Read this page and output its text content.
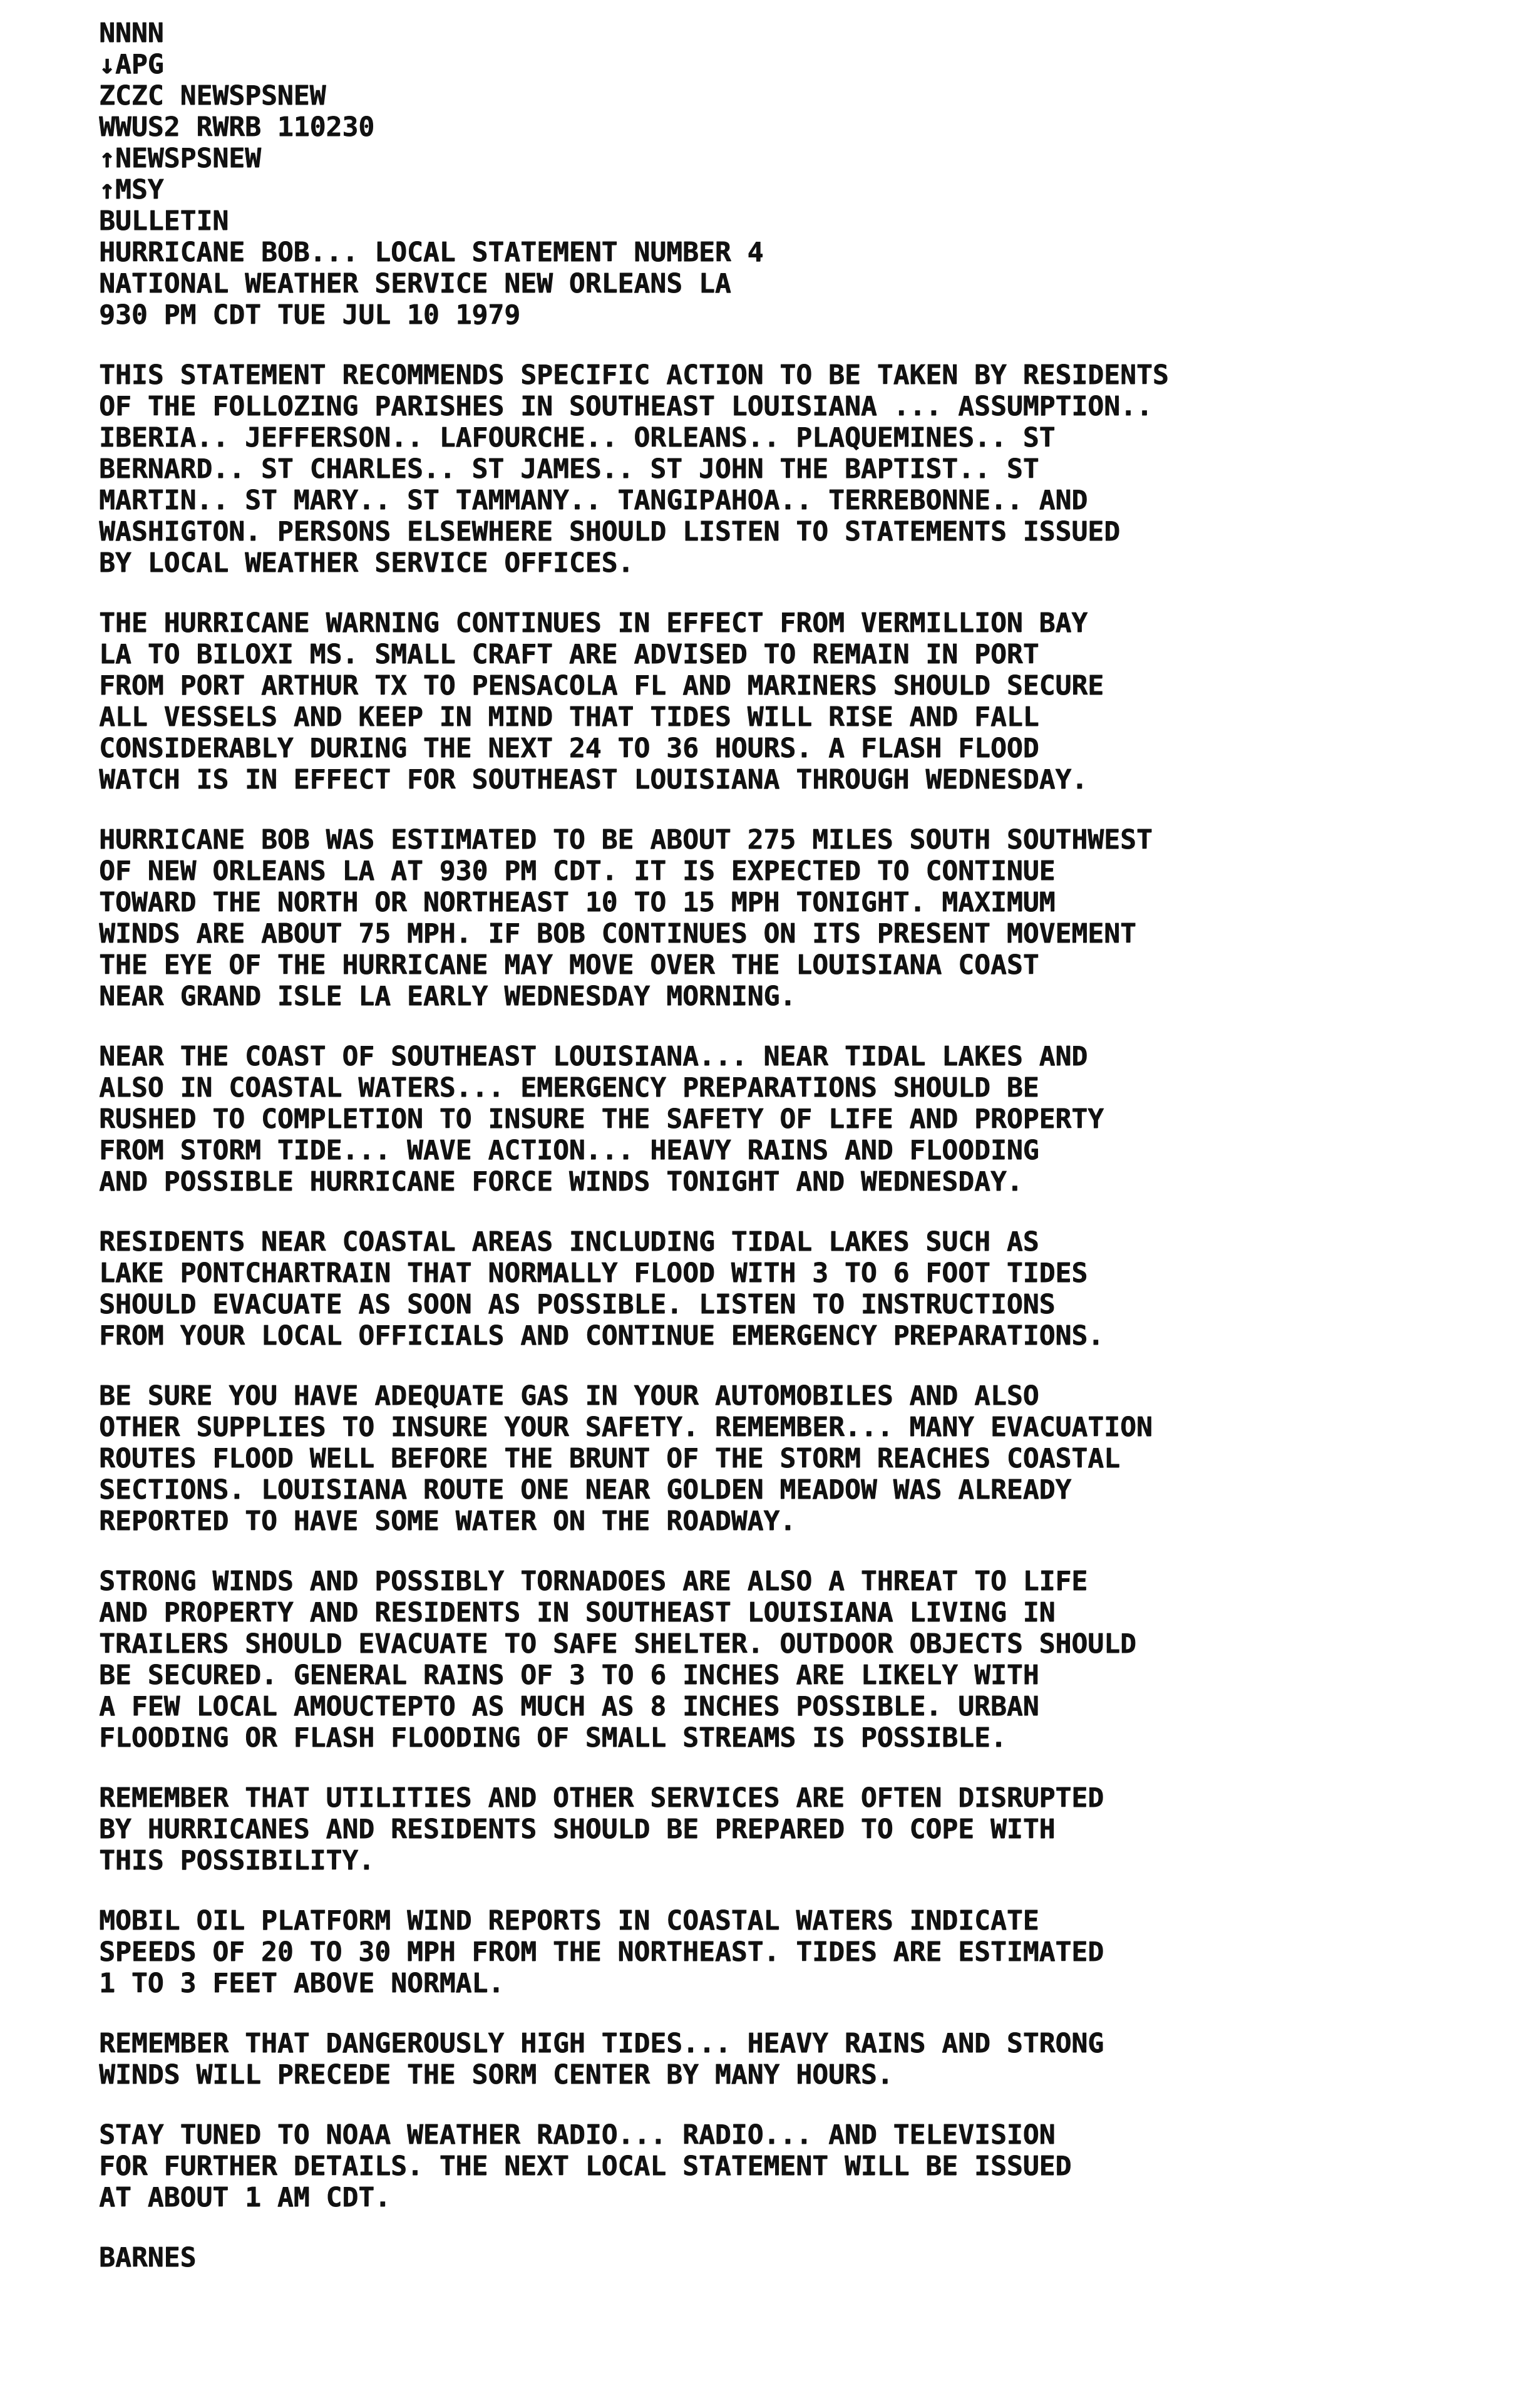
NNNN
↓APG
ZCZC NEWSPSNEW
WWUS2 RWRB 110230
↑NEWSPSNEW
↑MSY
BULLETIN
HURRICANE BOB... LOCAL STATEMENT NUMBER 4
NATIONAL WEATHER SERVICE NEW ORLEANS LA
930 PM CDT TUE JUL 10 1979
THIS STATEMENT RECOMMENDS SPECIFIC ACTION TO BE TAKEN BY RESIDENTS
OF THE FOLLOZING PARISHES IN SOUTHEAST LOUISIANA ... ASSUMPTION..
IBERIA.. JEFFERSON.. LAFOURCHE.. ORLEANS.. PLAQUEMINES.. ST
BERNARD.. ST CHARLES.. ST JAMES.. ST JOHN THE BAPTIST.. ST
MARTIN.. ST MARY.. ST TAMMANY.. TANGIPAHOA.. TERREBONNE.. AND
WASHIGTON. PERSONS ELSEWHERE SHOULD LISTEN TO STATEMENTS ISSUED
BY LOCAL WEATHER SERVICE OFFICES.
THE HURRICANE WARNING CONTINUES IN EFFECT FROM VERMILLION BAY
LA TO BILOXI MS. SMALL CRAFT ARE ADVISED TO REMAIN IN PORT
FROM PORT ARTHUR TX TO PENSACOLA FL AND MARINERS SHOULD SECURE
ALL VESSELS AND KEEP IN MIND THAT TIDES WILL RISE AND FALL
CONSIDERABLY DURING THE NEXT 24 TO 36 HOURS. A FLASH FLOOD
WATCH IS IN EFFECT FOR SOUTHEAST LOUISIANA THROUGH WEDNESDAY.
HURRICANE BOB WAS ESTIMATED TO BE ABOUT 275 MILES SOUTH SOUTHWEST
OF NEW ORLEANS LA AT 930 PM CDT. IT IS EXPECTED TO CONTINUE
TOWARD THE NORTH OR NORTHEAST 10 TO 15 MPH TONIGHT. MAXIMUM
WINDS ARE ABOUT 75 MPH. IF BOB CONTINUES ON ITS PRESENT MOVEMENT
THE EYE OF THE HURRICANE MAY MOVE OVER THE LOUISIANA COAST
NEAR GRAND ISLE LA EARLY WEDNESDAY MORNING.
NEAR THE COAST OF SOUTHEAST LOUISIANA... NEAR TIDAL LAKES AND
ALSO IN COASTAL WATERS... EMERGENCY PREPARATIONS SHOULD BE
RUSHED TO COMPLETION TO INSURE THE SAFETY OF LIFE AND PROPERTY
FROM STORM TIDE... WAVE ACTION... HEAVY RAINS AND FLOODING
AND POSSIBLE HURRICANE FORCE WINDS TONIGHT AND WEDNESDAY.
RESIDENTS NEAR COASTAL AREAS INCLUDING TIDAL LAKES SUCH AS
LAKE PONTCHARTRAIN THAT NORMALLY FLOOD WITH 3 TO 6 FOOT TIDES
SHOULD EVACUATE AS SOON AS POSSIBLE. LISTEN TO INSTRUCTIONS
FROM YOUR LOCAL OFFICIALS AND CONTINUE EMERGENCY PREPARATIONS.
BE SURE YOU HAVE ADEQUATE GAS IN YOUR AUTOMOBILES AND ALSO
OTHER SUPPLIES TO INSURE YOUR SAFETY. REMEMBER... MANY EVACUATION
ROUTES FLOOD WELL BEFORE THE BRUNT OF THE STORM REACHES COASTAL
SECTIONS. LOUISIANA ROUTE ONE NEAR GOLDEN MEADOW WAS ALREADY
REPORTED TO HAVE SOME WATER ON THE ROADWAY.
STRONG WINDS AND POSSIBLY TORNADOES ARE ALSO A THREAT TO LIFE
AND PROPERTY AND RESIDENTS IN SOUTHEAST LOUISIANA LIVING IN
TRAILERS SHOULD EVACUATE TO SAFE SHELTER. OUTDOOR OBJECTS SHOULD
BE SECURED. GENERAL RAINS OF 3 TO 6 INCHES ARE LIKELY WITH
A FEW LOCAL AMOUCTEPTO AS MUCH AS 8 INCHES POSSIBLE. URBAN
FLOODING OR FLASH FLOODING OF SMALL STREAMS IS POSSIBLE.
REMEMBER THAT UTILITIES AND OTHER SERVICES ARE OFTEN DISRUPTED
BY HURRICANES AND RESIDENTS SHOULD BE PREPARED TO COPE WITH
THIS POSSIBILITY.
MOBIL OIL PLATFORM WIND REPORTS IN COASTAL WATERS INDICATE
SPEEDS OF 20 TO 30 MPH FROM THE NORTHEAST. TIDES ARE ESTIMATED
1 TO 3 FEET ABOVE NORMAL.
REMEMBER THAT DANGEROUSLY HIGH TIDES... HEAVY RAINS AND STRONG
WINDS WILL PRECEDE THE SORM CENTER BY MANY HOURS.
STAY TUNED TO NOAA WEATHER RADIO... RADIO... AND TELEVISION
FOR FURTHER DETAILS. THE NEXT LOCAL STATEMENT WILL BE ISSUED
AT ABOUT 1 AM CDT.
BARNES
